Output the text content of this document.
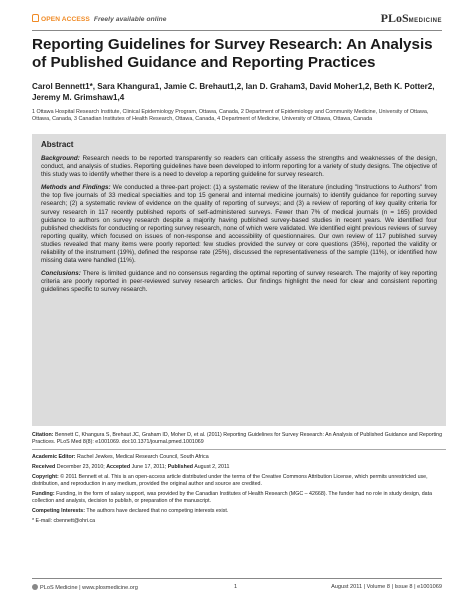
OPEN ACCESS Freely available online	PLoSMEDICINE
Reporting Guidelines for Survey Research: An Analysis of Published Guidance and Reporting Practices
Carol Bennett1*, Sara Khangura1, Jamie C. Brehaut1,2, Ian D. Graham3, David Moher1,2, Beth K. Potter2, Jeremy M. Grimshaw1,4
1 Ottawa Hospital Research Institute, Clinical Epidemiology Program, Ottawa, Canada, 2 Department of Epidemiology and Community Medicine, University of Ottawa, Ottawa, Canada, 3 Canadian Institutes of Health Research, Ottawa, Canada, 4 Department of Medicine, University of Ottawa, Ottawa, Canada
Abstract

Background: Research needs to be reported transparently so readers can critically assess the strengths and weaknesses of the design, conduct, and analysis of studies. Reporting guidelines have been developed to inform reporting for a variety of study designs. The objective of this study was to identify whether there is a need to develop a reporting guideline for survey research.

Methods and Findings: We conducted a three-part project: (1) a systematic review of the literature (including "Instructions to Authors" from the top five journals of 33 medical specialties and top 15 general and internal medicine journals) to identify guidance for reporting survey research; (2) a systematic review of evidence on the quality of reporting of surveys; and (3) a review of reporting of key quality criteria for survey research in 117 recently published reports of self-administered surveys. Fewer than 7% of medical journals (n = 165) provided guidance to authors on survey research despite a majority having published survey-based studies in recent years. We identified four published checklists for conducting or reporting survey research, none of which were validated. We identified eight previous reviews of survey reporting quality, which focused on issues of non-response and accessibility of questionnaires. Our own review of 117 published survey studies revealed that many items were poorly reported: few studies provided the survey or core questions (35%), reported the validity or reliability of the instrument (19%), defined the response rate (25%), discussed the representativeness of the sample (11%), or identified how missing data were handled (11%).

Conclusions: There is limited guidance and no consensus regarding the optimal reporting of survey research. The majority of key reporting criteria are poorly reported in peer-reviewed survey research articles. Our findings highlight the need for clear and consistent reporting guidelines specific to survey research.

Citation: Bennett C, Khangura S, Brehaut JC, Graham ID, Moher D, et al. (2011) Reporting Guidelines for Survey Research: An Analysis of Published Guidance and Reporting Practices. PLoS Med 8(8): e1001069. doi:10.1371/journal.pmed.1001069

Academic Editor: Rachel Jewkes, Medical Research Council, South Africa

Received December 23, 2010; Accepted June 17, 2011; Published August 2, 2011

Copyright: © 2011 Bennett et al. This is an open-access article distributed under the terms of the Creative Commons Attribution License, which permits unrestricted use, distribution, and reproduction in any medium, provided the original author and source are credited.

Funding: Funding, in the form of salary support, was provided by the Canadian Institutes of Health Research (MGC – 42668). The funder had no role in study design, data collection and analysis, decision to publish, or preparation of the manuscript.

Competing Interests: The authors have declared that no competing interests exist.

* E-mail: cbennett@ohri.ca

PLoS Medicine | www.plosmedicine.org	1	August 2011 | Volume 8 | Issue 8 | e1001069
